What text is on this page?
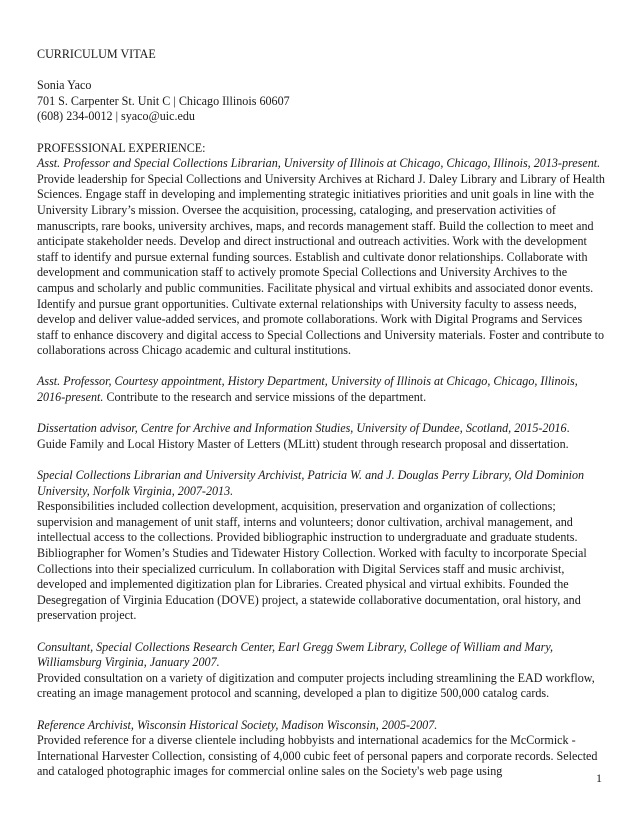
CURRICULUM VITAE
Sonia Yaco
701 S. Carpenter St. Unit C | Chicago Illinois 60607
(608) 234-0012 | syaco@uic.edu
PROFESSIONAL EXPERIENCE:
Asst. Professor and Special Collections Librarian, University of Illinois at Chicago, Chicago, Illinois, 2013-present.
Provide leadership for Special Collections and University Archives at Richard J. Daley Library and Library of Health Sciences. Engage staff in developing and implementing strategic initiatives priorities and unit goals in line with the University Library’s mission. Oversee the acquisition, processing, cataloging, and preservation activities of manuscripts, rare books, university archives, maps, and records management staff. Build the collection to meet and anticipate stakeholder needs. Develop and direct instructional and outreach activities. Work with the development staff to identify and pursue external funding sources. Establish and cultivate donor relationships. Collaborate with development and communication staff to actively promote Special Collections and University Archives to the campus and scholarly and public communities. Facilitate physical and virtual exhibits and associated donor events. Identify and pursue grant opportunities. Cultivate external relationships with University faculty to assess needs, develop and deliver value-added services, and promote collaborations. Work with Digital Programs and Services staff to enhance discovery and digital access to Special Collections and University materials. Foster and contribute to collaborations across Chicago academic and cultural institutions.
Asst. Professor, Courtesy appointment, History Department, University of Illinois at Chicago, Chicago, Illinois, 2016-present. Contribute to the research and service missions of the department.
Dissertation advisor, Centre for Archive and Information Studies, University of Dundee, Scotland, 2015-2016.
Guide Family and Local History Master of Letters (MLitt) student through research proposal and dissertation.
Special Collections Librarian and University Archivist, Patricia W. and J. Douglas Perry Library, Old Dominion University, Norfolk Virginia, 2007-2013.
Responsibilities included collection development, acquisition, preservation and organization of collections; supervision and management of unit staff, interns and volunteers; donor cultivation, archival management, and intellectual access to the collections. Provided bibliographic instruction to undergraduate and graduate students. Bibliographer for Women’s Studies and Tidewater History Collection. Worked with faculty to incorporate Special Collections into their specialized curriculum. In collaboration with Digital Services staff and music archivist, developed and implemented digitization plan for Libraries. Created physical and virtual exhibits. Founded the Desegregation of Virginia Education (DOVE) project, a statewide collaborative documentation, oral history, and preservation project.
Consultant, Special Collections Research Center, Earl Gregg Swem Library, College of William and Mary, Williamsburg Virginia, January 2007.
Provided consultation on a variety of digitization and computer projects including streamlining the EAD workflow, creating an image management protocol and scanning, developed a plan to digitize 500,000 catalog cards.
Reference Archivist, Wisconsin Historical Society, Madison Wisconsin, 2005-2007.
Provided reference for a diverse clientele including hobbyists and international academics for the McCormick - International Harvester Collection, consisting of 4,000 cubic feet of personal papers and corporate records. Selected and cataloged photographic images for commercial online sales on the Society's web page using	1
